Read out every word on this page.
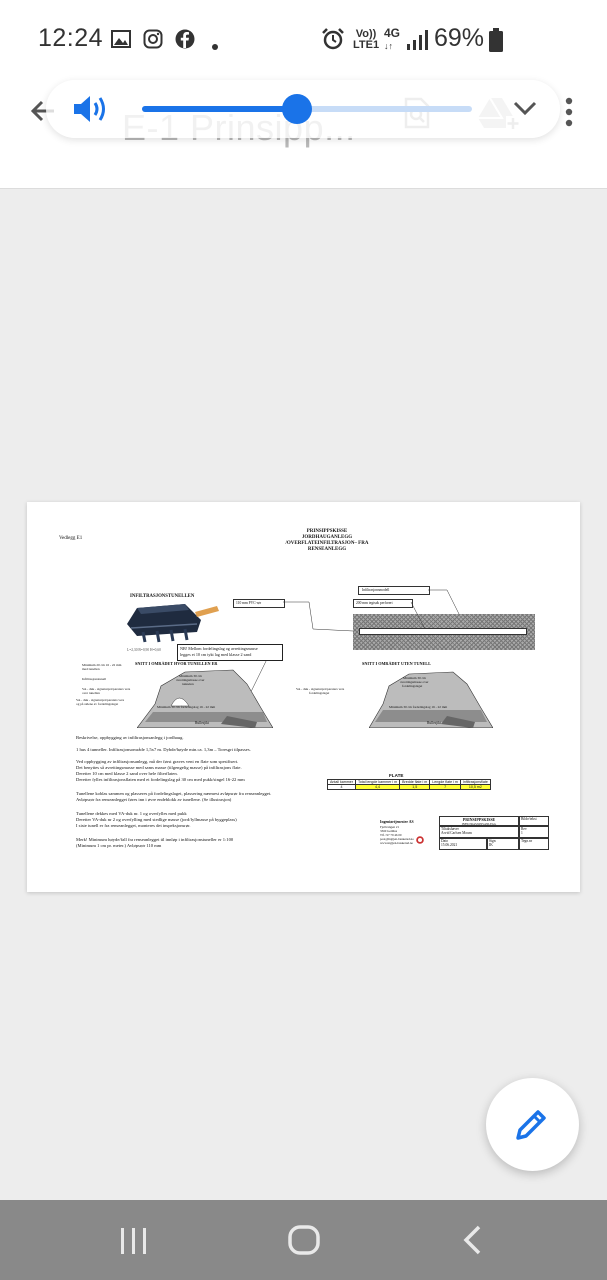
12:24	Vo))
LTE1
4G
↓↑ 69%
Vedlegg E1
PRINSIPPSKISSE
JORDHAUGANLEGG
/OVERFLATEINFILTRASJON– FRA
RENSEANLEGG
INFILTRASJONSTUNELLEN
L=2,30 B=0,90 H=0,60
110 mm PVC-rør
Infiltrasjonsmodell
200 mm tegtsøk perforert
NB! Mellom fordelingslag og avrettingsmasse
legges et 10 cm tykt lag med klasse 2 sand
SNITT I OMRÅDET HVOR TUNELLEN ER
Minimum 20 cm 16 - 22 mm
med tunellen
Infiltrasjonstunell
VA - duk - signaturpræparaters vers
over tunellen
VA - duk - signaturpræparatets vers
og på sidene av fordelingslaget
Minimum 30 cm
avrettingsmasse over
tunnelen
Minimum 30 cm fordelingslag 16 - 22 mm
Rullesjikt
SNITT I OMRÅDET UTEN TUNELL
VA - duk - signaturpræparaters vers
fordelingslaget
Minimum 30 cm
avrettingsmasse over
fordelingslaget
Minimum 30 cm fordelingslag 16 - 22 mm
Rullesjikt
Beskrivelse, oppbygging av infiltrasjonsanlegg i jordhaug.
1 hus 4 tunneller. Infiltrasjonsområde 1,5x7 m. Dybde/høyde min.ca. 1,3m – Toresgrt tilpasses.
Ved oppbygging av infiltrasjonsanlegg, må der først graves vent en flate som spesifisert.
Det benyttes så avrettingsmasse med sams masse (tilgengelig masse) på infiltrasjons flate.
Deretter 10 cm med klasse 2 sand over hele filterflaten.
Deretter fylles infiltrasjonsflaten med et fordelingslag på 30 cm med pukk/singel 16-22 mm
Tunellene koblas sammen og plasseres på fordelingslaget, plassering nærmest avløpsrør fra renseanlegget.
Avløpsrør fra renseanlegget føres inn i øvre endeblokk av tunellene. (Se illustrasjon)
Tunellene dekkes med VA-duk nr. 1 og overfylles med pukk
Deretter VA-duk nr 2 og overfylling med stedlige masse (jord/fyllmasse på byggeplass)
I siste tunell er fra renseanlegget, monteres det inspeksjonsrør.
Merk! Minimum høyde/fall fra renseanlegget til innløp i infiltrasjonstuneller er 1:100
(Minimum 1 cm pr. meter.) Avløpsrør 110 mm
FLATE
Antall kammer	Total lengde kammer i m	Bredde flate i m	Lengde flate i m	Infiltrasjonsflate
4	4,4	1,5	7	10,5 m2
Ingeniørtjenester AS
Fjellvangen 21
3360 Geithus
Tlf.: 97 79 46 00
post@ingtjen-buskerud.no
www.ingtjen-buskerud.no
PRINSIPPSKISSE
INFILTRASJONSANLEGG
Bilde/tekst
Tiltakshaver
Arvid Carlsen Moum
Rev
1
Dato
15.06.2021
Sign
IK
Tegn.nr
